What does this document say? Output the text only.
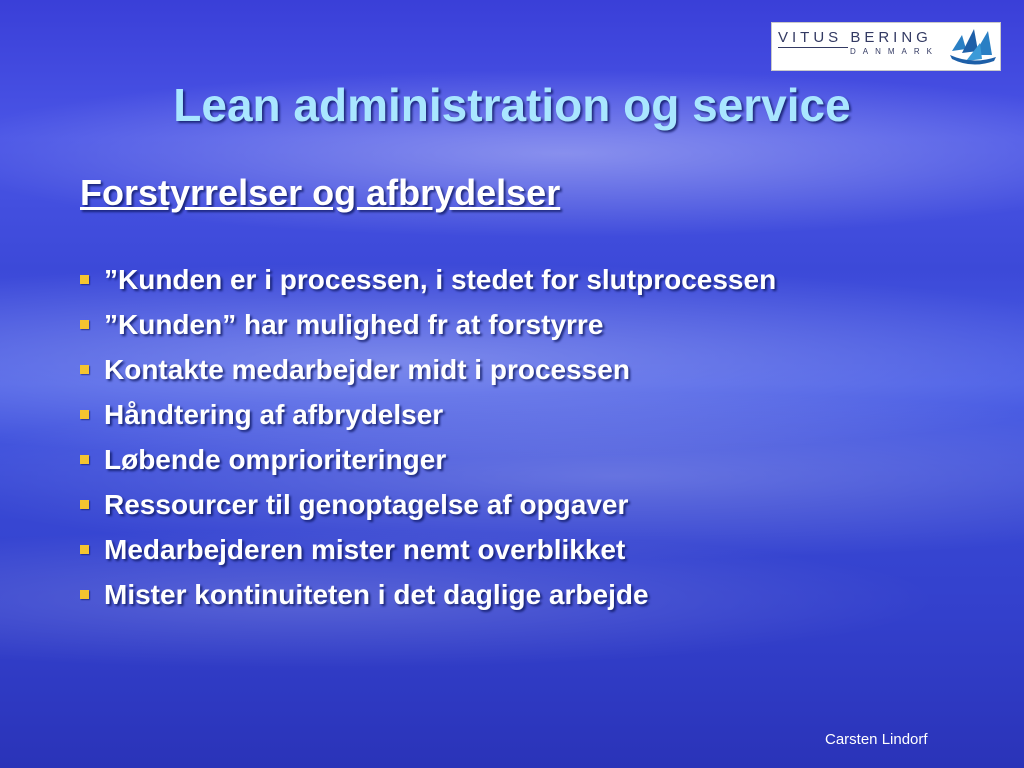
VITUS BERING
DANMARK
Lean administration og service
Forstyrrelser og afbrydelser
”Kunden er i processen, i stedet for slutprocessen
”Kunden” har mulighed fr at forstyrre
Kontakte medarbejder midt i processen
Håndtering af afbrydelser
Løbende omprioriteringer
Ressourcer til genoptagelse af opgaver
Medarbejderen mister nemt overblikket
Mister kontinuiteten i det daglige arbejde
Carsten Lindorf
